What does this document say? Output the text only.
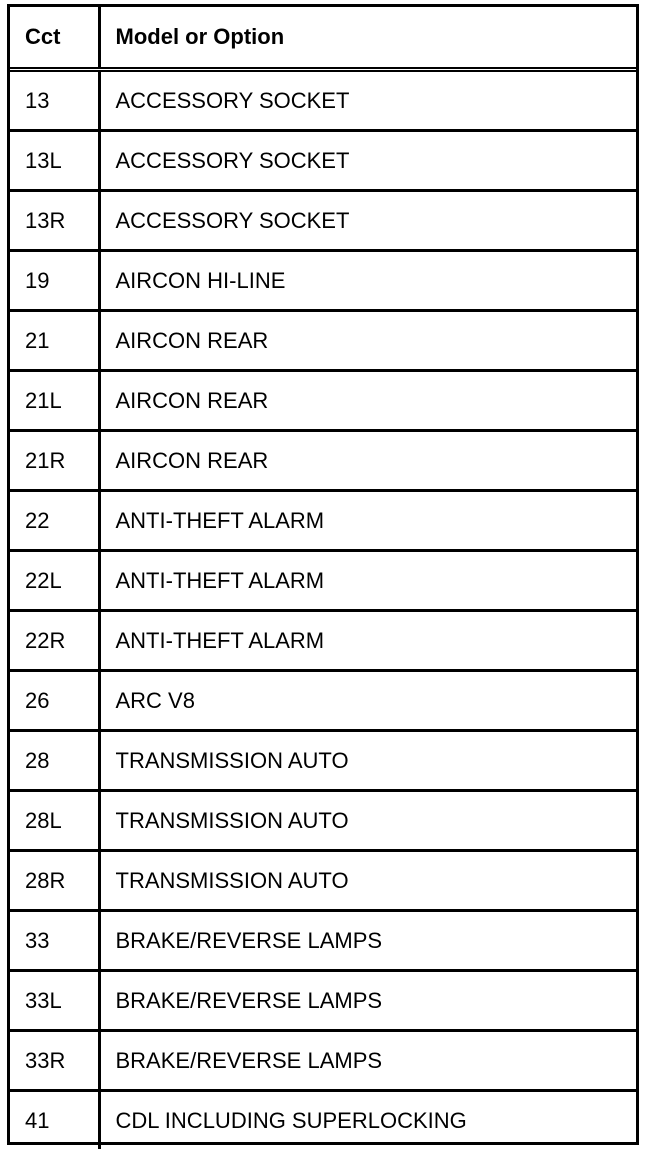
Cct	Model or Option
13	ACCESSORY SOCKET
13L	ACCESSORY SOCKET
13R	ACCESSORY SOCKET
19	AIRCON HI-LINE
21	AIRCON REAR
21L	AIRCON REAR
21R	AIRCON REAR
22	ANTI-THEFT ALARM
22L	ANTI-THEFT ALARM
22R	ANTI-THEFT ALARM
26	ARC V8
28	TRANSMISSION AUTO
28L	TRANSMISSION AUTO
28R	TRANSMISSION AUTO
33	BRAKE/REVERSE LAMPS
33L	BRAKE/REVERSE LAMPS
33R	BRAKE/REVERSE LAMPS
41	CDL INCLUDING SUPERLOCKING
